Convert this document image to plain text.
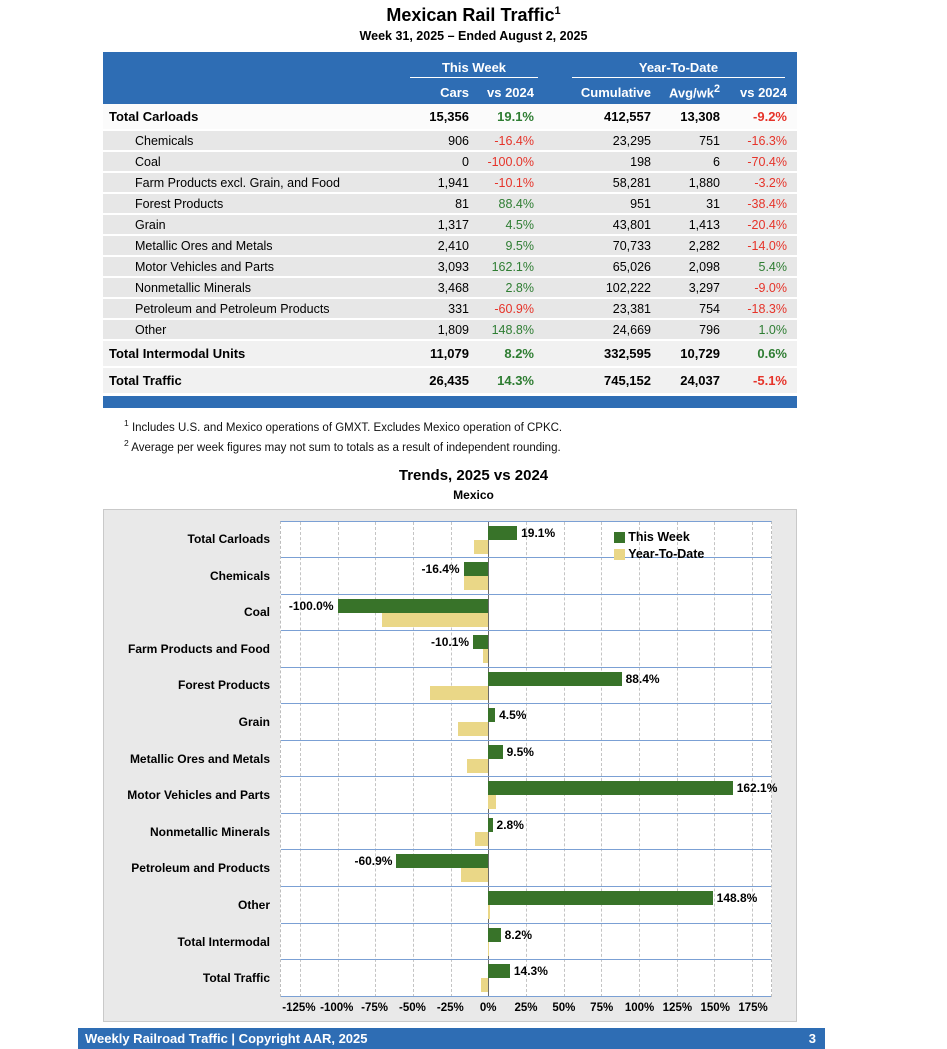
Mexican Rail Traffic$^1$
Week 31, 2025 – Ended August 2, 2025
This Week	Year-To-Date
Cars	vs 2024	Cumulative	Avg/$wk^2$	vs 2024
Total Carloads	15,356	19.1%	412,557	13,308	-9.2%
Chemicals	906	-16.4%	23,295	751	-16.3%
Coal	0	-100.0%	198	6	-70.4%
Farm Products excl. Grain, and Food	1,941	-10.1%	58,281	1,880	-3.2%
Forest Products	81	88.4%	951	31	-38.4%
Grain	1,317	4.5%	43,801	1,413	-20.4%
Metallic Ores and Metals	2,410	9.5%	70,733	2,282	-14.0%
Motor Vehicles and Parts	3,093	162.1%	65,026	2,098	5.4%
Nonmetallic Minerals	3,468	2.8%	102,222	3,297	-9.0%
Petroleum and Petroleum Products	331	-60.9%	23,381	754	-18.3%
Other	1,809	148.8%	24,669	796	1.0%
Total Intermodal Units	11,079	8.2%	332,595	10,729	0.6%
Total Traffic	26,435	14.3%	745,152	24,037	-5.1%
$^1$ Includes U.S. and Mexico operations of GMXT. Excludes Mexico operation of CPKC.
$^2$ Average per week figures may not sum to totals as a result of independent rounding.
Trends, 2025 vs 2024
Mexico
Total Carloads
Chemicals
Coal
Farm Products and Food
Forest Products
Grain
Metallic Ores and Metals
Motor Vehicles and Parts
Nonmetallic Minerals
Petroleum and Products
Other
Total Intermodal
Total Traffic
19.1%
-16.4%
-100.0%
-10.1%
88.4%
4.5%
9.5%
162.1%
2.8%
-60.9%
148.8%
8.2%
14.3%
This Week
Year-To-Date
-125% -100% -75% -50% -25% 0% 25% 50% 75% 100% 125% 150% 175%
Weekly Railroad Traffic | Copyright AAR, 2025	3
